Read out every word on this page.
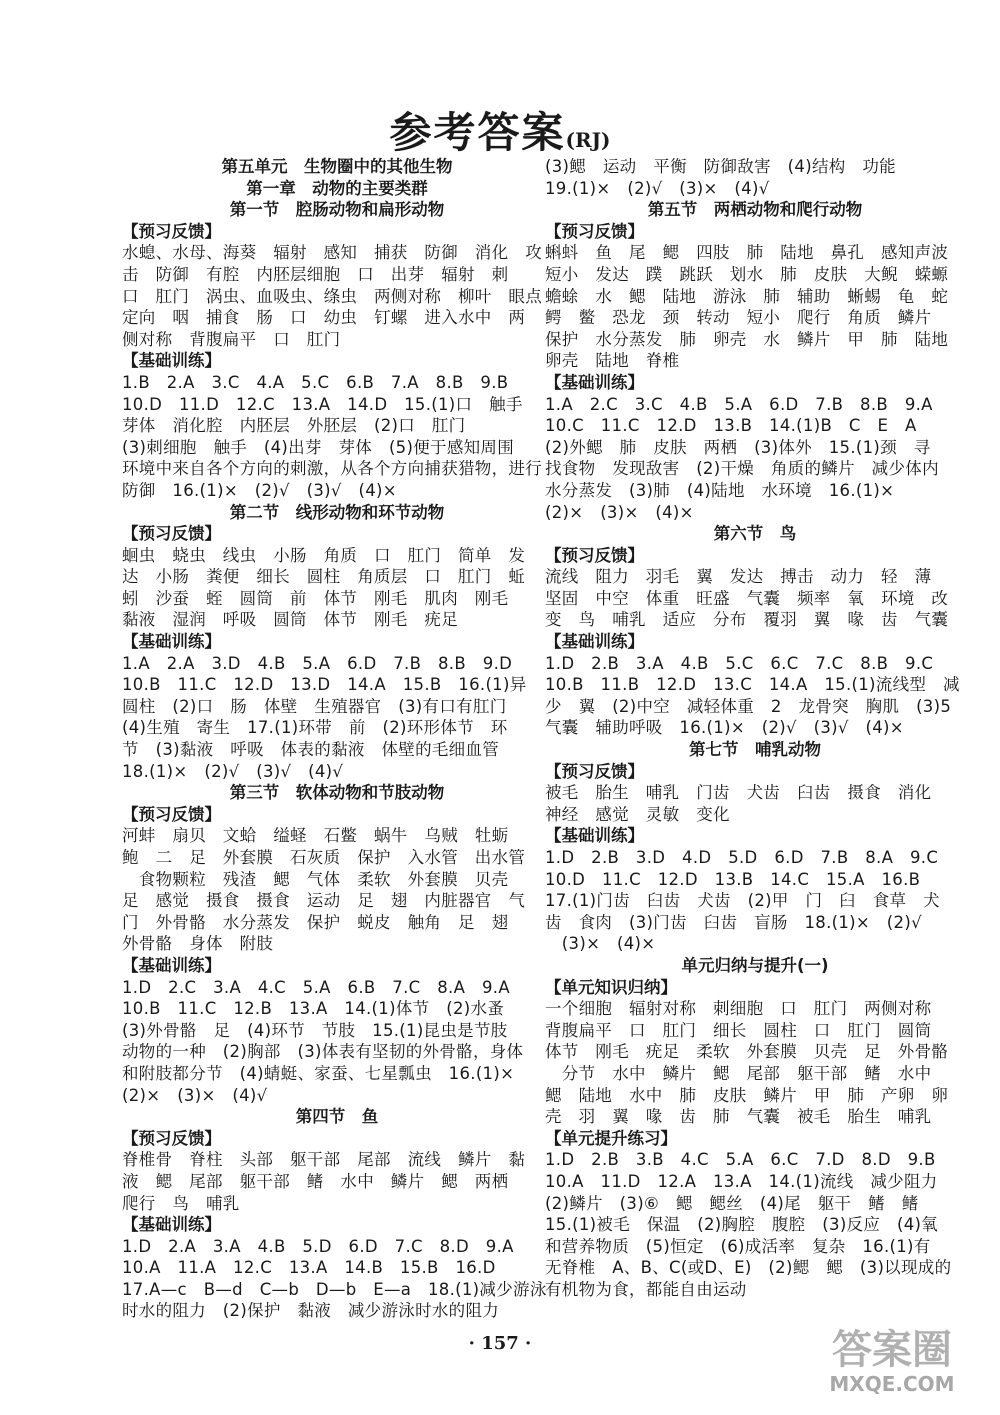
参考答案(RJ)
第五单元　生物圈中的其他生物
第一章　动物的主要类群
第一节　腔肠动物和扁形动物
【预习反馈】
水螅、水母、海葵　辐射　感知　捕获　防御　消化　攻
击　防御　有腔　内胚层细胞　口　出芽　辐射　刺
口　肛门　涡虫、血吸虫、绦虫　两侧对称　柳叶　眼点
定向　咽　捕食　肠　口　幼虫　钉螺　进入水中　两
侧对称　背腹扁平　口　肛门
【基础训练】
1.B　2.A　3.C　4.A　5.C　6.B　7.A　8.B　9.B
10.D　11.D　12.C　13.A　14.D　15.(1)口　触手
芽体　消化腔　内胚层　外胚层　(2)口　肛门
(3)刺细胞　触手　(4)出芽　芽体　(5)便于感知周围
环境中来自各个方向的刺激，从各个方向捕获猎物，进行
防御　16.(1)×　(2)√　(3)√　(4)×
第二节　线形动物和环节动物
【预习反馈】
蛔虫　蛲虫　线虫　小肠　角质　口　肛门　简单　发
达　小肠　粪便　细长　圆柱　角质层　口　肛门　蚯
蚓　沙蚕　蛭　圆筒　前　体节　刚毛　肌肉　刚毛
黏液　湿润　呼吸　圆筒　体节　刚毛　疣足
【基础训练】
1.A　2.A　3.D　4.B　5.A　6.D　7.B　8.B　9.D
10.B　11.C　12.D　13.D　14.A　15.B　16.(1)异
圆柱　(2)口　肠　体壁　生殖器官　(3)有口有肛门
(4)生殖　寄生　17.(1)环带　前　(2)环形体节　环
节　(3)黏液　呼吸　体表的黏液　体壁的毛细血管
18.(1)×　(2)√　(3)√　(4)√
第三节　软体动物和节肢动物
【预习反馈】
河蚌　扇贝　文蛤　缢蛏　石鳖　蜗牛　乌贼　牡蛎
鲍　二　足　外套膜　石灰质　保护　入水管　出水管
　食物颗粒　残渣　鳃　气体　柔软　外套膜　贝壳
足　感觉　摄食　摄食　运动　足　翅　内脏器官　气
门　外骨骼　水分蒸发　保护　蜕皮　触角　足　翅
外骨骼　身体　附肢
【基础训练】
1.D　2.C　3.A　4.C　5.A　6.B　7.C　8.A　9.A
10.B　11.C　12.B　13.A　14.(1)体节　(2)水蚤
(3)外骨骼　足　(4)环节　节肢　15.(1)昆虫是节肢
动物的一种　(2)胸部　(3)体表有坚韧的外骨骼，身体
和附肢都分节　(4)蜻蜓、家蚕、七星瓢虫　16.(1)×
(2)×　(3)×　(4)√
第四节　鱼
【预习反馈】
脊椎骨　脊柱　头部　躯干部　尾部　流线　鳞片　黏
液　鳃　尾部　躯干部　鳍　水中　鳞片　鳃　两栖
爬行　鸟　哺乳
【基础训练】
1.D　2.A　3.A　4.B　5.D　6.D　7.C　8.D　9.A
10.A　11.A　12.C　13.A　14.B　15.B　16.D
17.A—c　B—d　C—b　D—b　E—a　18.(1)减少游泳
时水的阻力　(2)保护　黏液　减少游泳时水的阻力
(3)鳃　运动　平衡　防御敌害　(4)结构　功能
19.(1)×　(2)√　(3)×　(4)√
第五节　两栖动物和爬行动物
【预习反馈】
蝌蚪　鱼　尾　鳃　四肢　肺　陆地　鼻孔　感知声波
短小　发达　蹼　跳跃　划水　肺　皮肤　大鲵　蝾螈
蟾蜍　水　鳃　陆地　游泳　肺　辅助　蜥蜴　龟　蛇
鳄　鳖　恐龙　颈　转动　短小　爬行　角质　鳞片
保护　水分蒸发　肺　卵壳　水　鳞片　甲　肺　陆地
卵壳　陆地　脊椎
【基础训练】
1.A　2.C　3.C　4.B　5.A　6.D　7.B　8.B　9.A
10.C　11.C　12.D　13.B　14.(1)B　C　E　A
(2)外鳃　肺　皮肤　两栖　(3)体外　15.(1)颈　寻
找食物　发现敌害　(2)干燥　角质的鳞片　减少体内
水分蒸发　(3)肺　(4)陆地　水环境　16.(1)×
(2)×　(3)×　(4)×
第六节　鸟
【预习反馈】
流线　阻力　羽毛　翼　发达　搏击　动力　轻　薄
坚固　中空　体重　旺盛　气囊　频率　氧　环境　改
变　鸟　哺乳　适应　分布　覆羽　翼　喙　齿　气囊
【基础训练】
1.D　2.B　3.A　4.B　5.C　6.C　7.C　8.B　9.C
10.B　11.B　12.D　13.C　14.A　15.(1)流线型　减
少　翼　(2)中空　减轻体重　2　龙骨突　胸肌　(3)5
气囊　辅助呼吸　16.(1)×　(2)√　(3)√　(4)×
第七节　哺乳动物
【预习反馈】
被毛　胎生　哺乳　门齿　犬齿　臼齿　摄食　消化
神经　感觉　灵敏　变化
【基础训练】
1.D　2.B　3.D　4.D　5.D　6.D　7.B　8.A　9.C
10.D　11.C　12.D　13.B　14.C　15.A　16.B
17.(1)门齿　臼齿　犬齿　(2)甲　门　臼　食草　犬
齿　食肉　(3)门齿　臼齿　盲肠　18.(1)×　(2)√
　(3)×　(4)×
单元归纳与提升(一)
【单元知识归纳】
一个细胞　辐射对称　刺细胞　口　肛门　两侧对称
背腹扁平　口　肛门　细长　圆柱　口　肛门　圆筒
体节　刚毛　疣足　柔软　外套膜　贝壳　足　外骨骼
　分节　水中　鳞片　鳃　尾部　躯干部　鳍　水中
鳃　陆地　水中　肺　皮肤　鳞片　甲　肺　产卵　卵
壳　羽　翼　喙　齿　肺　气囊　被毛　胎生　哺乳
【单元提升练习】
1.D　2.B　3.B　4.C　5.A　6.C　7.D　8.D　9.B
10.A　11.D　12.A　13.A　14.(1)流线　减少阻力
(2)鳞片　(3)⑥　鳃　鳃丝　(4)尾　躯干　鳍　鳍
15.(1)被毛　保温　(2)胸腔　腹腔　(3)反应　(4)氧
和营养物质　(5)恒定　(6)成活率　复杂　16.(1)有
无脊椎　A、B、C(或D、E)　(2)鳃　鳃　(3)以现成的
有机物为食，都能自由运动
· 157 ·	答案圈
MXQE.COM
